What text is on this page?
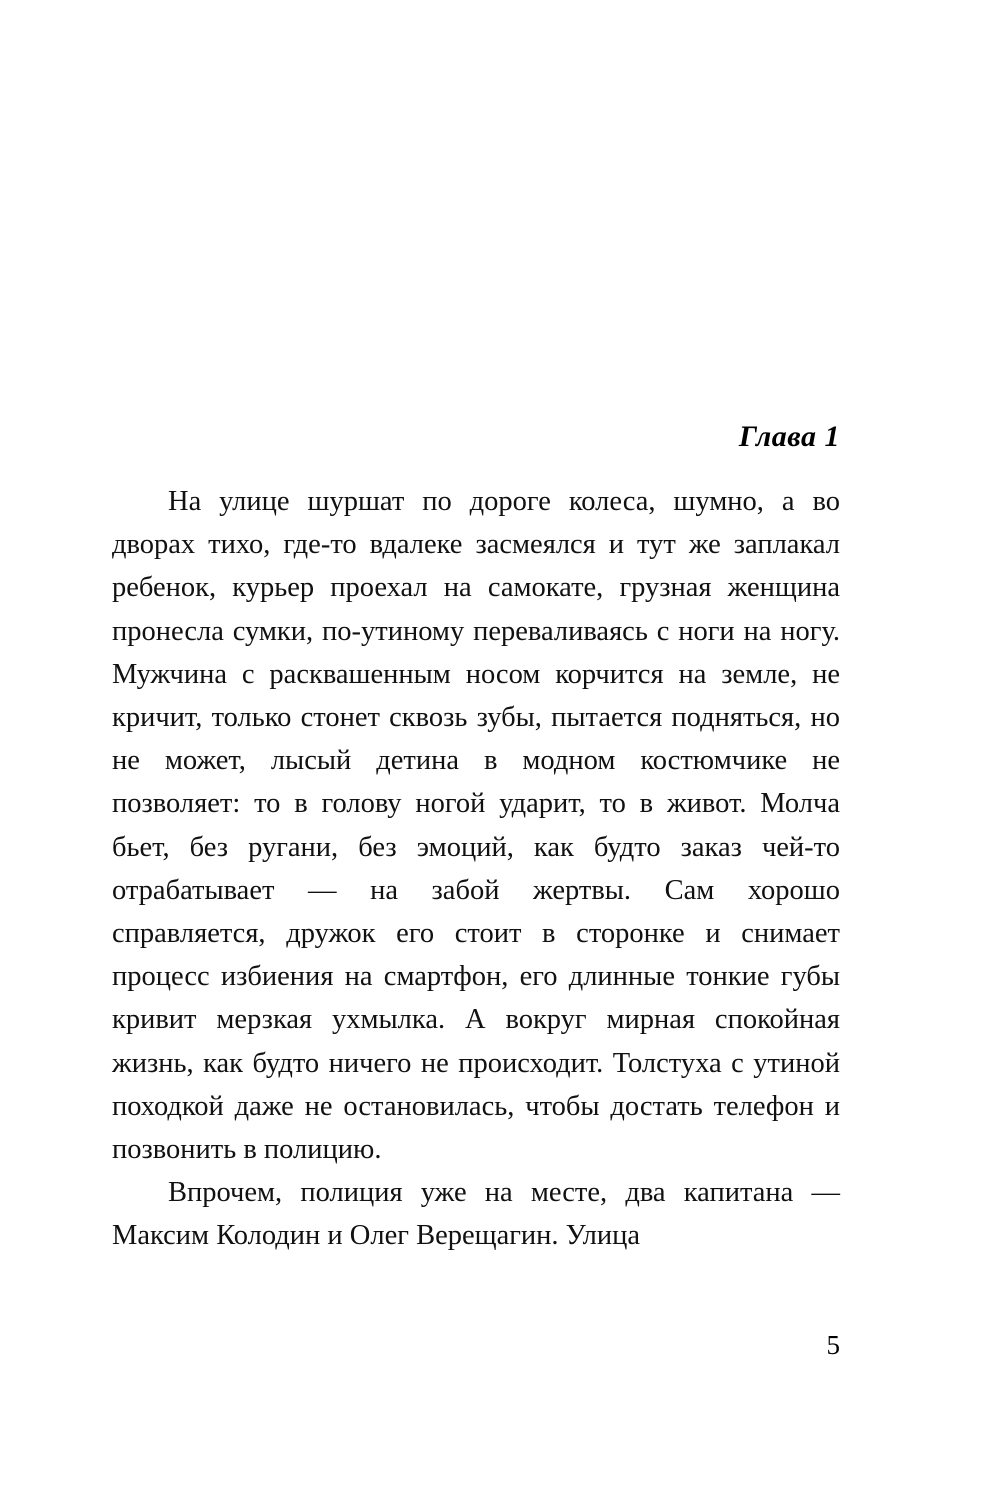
Глава 1

На улице шуршат по дороге колеса, шумно, а во дворах тихо, где-то вдалеке засмеялся и тут же заплакал ребенок, курьер проехал на самокате, грузная женщина пронесла сумки, по-утиному переваливаясь с ноги на ногу. Мужчина с расквашенным носом корчится на земле, не кричит, только стонет сквозь зубы, пытается подняться, но не может, лысый детина в модном костюмчике не позволяет: то в голову ногой ударит, то в живот. Молча бьет, без ругани, без эмоций, как будто заказ чей-то отрабатывает — на забой жертвы. Сам хорошо справляется, дружок его стоит в сторонке и снимает процесс избиения на смартфон, его длинные тонкие губы кривит мерзкая ухмылка. А вокруг мирная спокойная жизнь, как будто ничего не происходит. Толстуха с утиной походкой даже не остановилась, чтобы достать телефон и позвонить в полицию.

Впрочем, полиция уже на месте, два капитана — Максим Колодин и Олег Верещагин. Улица

5
